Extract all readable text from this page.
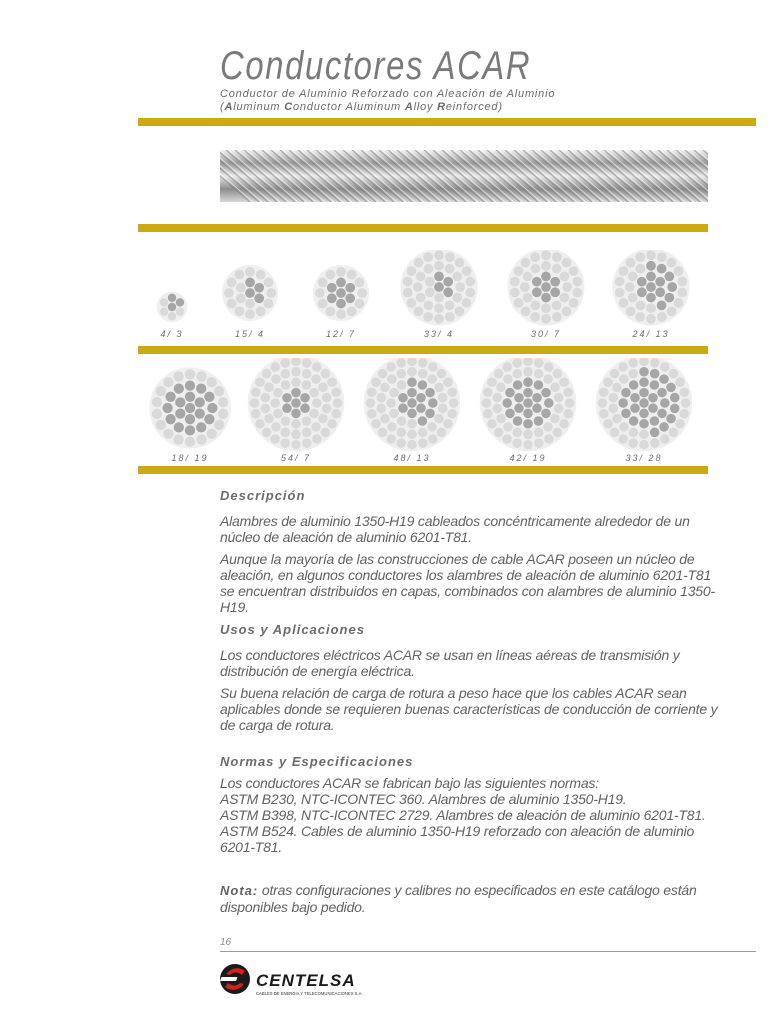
Conductores ACAR
Conductor de Aluminio Reforzado con Aleación de Aluminio
(Aluminum Conductor Aluminum Alloy Reinforced)
4/ 3	15/ 4	12/ 7	33/ 4	30/ 7	24/ 13
18/ 19	54/ 7	48/ 13	42/ 19	33/ 28
Descripción

Alambres de aluminio 1350-H19 cableados concéntricamente alrededor de un núcleo de aleación de aluminio 6201-T81.

Aunque la mayoría de las construcciones de cable ACAR poseen un núcleo de aleación, en algunos conductores los alambres de aleación de aluminio 6201-T81 se encuentran distribuidos en capas, combinados con alambres de aluminio 1350-H19.

Usos y Aplicaciones

Los conductores eléctricos ACAR se usan en líneas aéreas de transmisión y distribución de energía eléctrica.

Su buena relación de carga de rotura a peso hace que los cables ACAR sean aplicables donde se requieren buenas características de conducción de corriente y de carga de rotura.

Normas y Especificaciones

Los conductores ACAR se fabrican bajo las siguientes normas:

ASTM B230, NTC-ICONTEC 360. Alambres de aluminio 1350-H19.

ASTM B398, NTC-ICONTEC 2729. Alambres de aleación de aluminio 6201-T81.

ASTM B524. Cables de aluminio 1350-H19 reforzado con aleación de aluminio 6201-T81.

Nota: otras configuraciones y calibres no especificados en este catálogo están disponibles bajo pedido.

16
CENTELSA
CABLES DE ENERGIA Y TELECOMUNICACIONES S.A.
